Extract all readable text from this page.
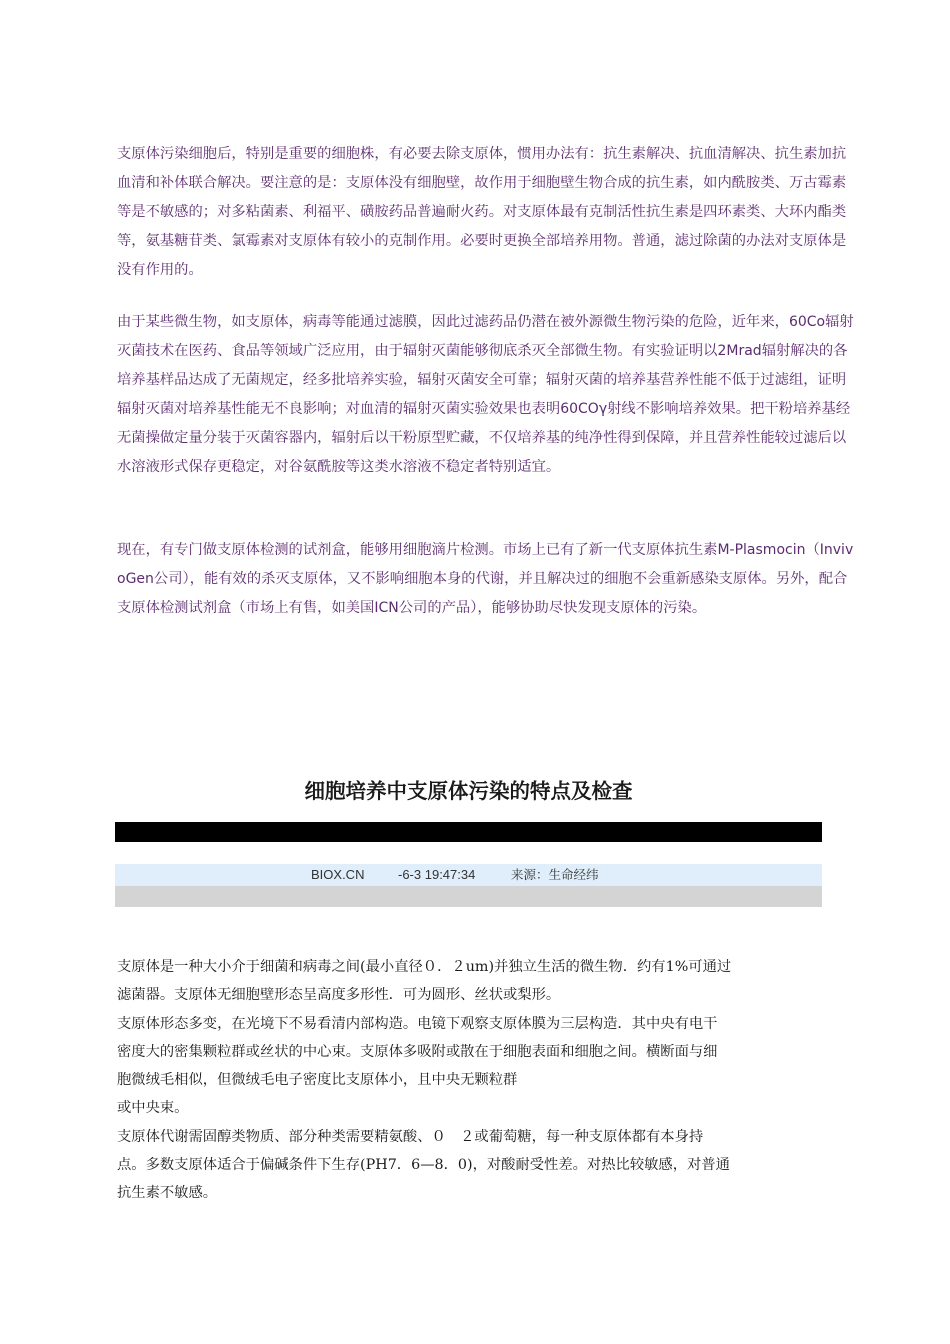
支原体污染细胞后，特别是重要的细胞株，有必要去除支原体，惯用办法有：抗生素解决、抗血清解决、抗生素加抗血清和补体联合解决。要注意的是：支原体没有细胞壁，故作用于细胞壁生物合成的抗生素，如内酰胺类、万古霉素等是不敏感的；对多粘菌素、利福平、磺胺药品普遍耐火药。对支原体最有克制活性抗生素是四环素类、大环内酯类等，氨基糖苷类、氯霉素对支原体有较小的克制作用。必要时更换全部培养用物。普通，滤过除菌的办法对支原体是没有作用的。

由于某些微生物，如支原体，病毒等能通过滤膜，因此过滤药品仍潜在被外源微生物污染的危险，近年来，60Co辐射灭菌技术在医药、食品等领域广泛应用，由于辐射灭菌能够彻底杀灭全部微生物。有实验证明以2Mrad辐射解决的各培养基样品达成了无菌规定，经多批培养实验，辐射灭菌安全可靠；辐射灭菌的培养基营养性能不低于过滤组，证明辐射灭菌对培养基性能无不良影响；对血清的辐射灭菌实验效果也表明60COγ射线不影响培养效果。把干粉培养基经无菌操做定量分装于灭菌容器内，辐射后以干粉原型贮藏，不仅培养基的纯净性得到保障，并且营养性能较过滤后以水溶液形式保存更稳定，对谷氨酰胺等这类水溶液不稳定者特别适宜。

现在，有专门做支原体检测的试剂盒，能够用细胞滴片检测。市场上已有了新一代支原体抗生素M-Plasmocin（InvivoGen公司），能有效的杀灭支原体，又不影响细胞本身的代谢，并且解决过的细胞不会重新感染支原体。另外，配合支原体检测试剂盒（市场上有售，如美国ICN公司的产品），能够协助尽快发现支原体的污染。

细胞培养中支原体污染的特点及检查
BIOX.CN	-6-3 19:47:34	来源：生命经纬
支原体是一种大小介于细菌和病毒之间(最小直径０．２um)并独立生活的微生物．约有1%可通过
滤菌器。支原体无细胞壁形态呈高度多形性．可为圆形、丝状或梨形。
支原体形态多变，在光境下不易看清内部构造。电镜下观察支原体膜为三层构造．其中央有电干
密度大的密集颗粒群或丝状的中心束。支原体多吸附或散在于细胞表面和细胞之间。横断面与细
胞微绒毛相似，但微绒毛电子密度比支原体小，且中央无颗粒群
或中央束。
支原体代谢需固醇类物质、部分种类需要精氨酸、０　２或葡萄糖，每一种支原体都有本身持
点。多数支原体适合于偏碱条件下生存(PH7．6—8．0)，对酸耐受性差。对热比较敏感，对普通
抗生素不敏感。
